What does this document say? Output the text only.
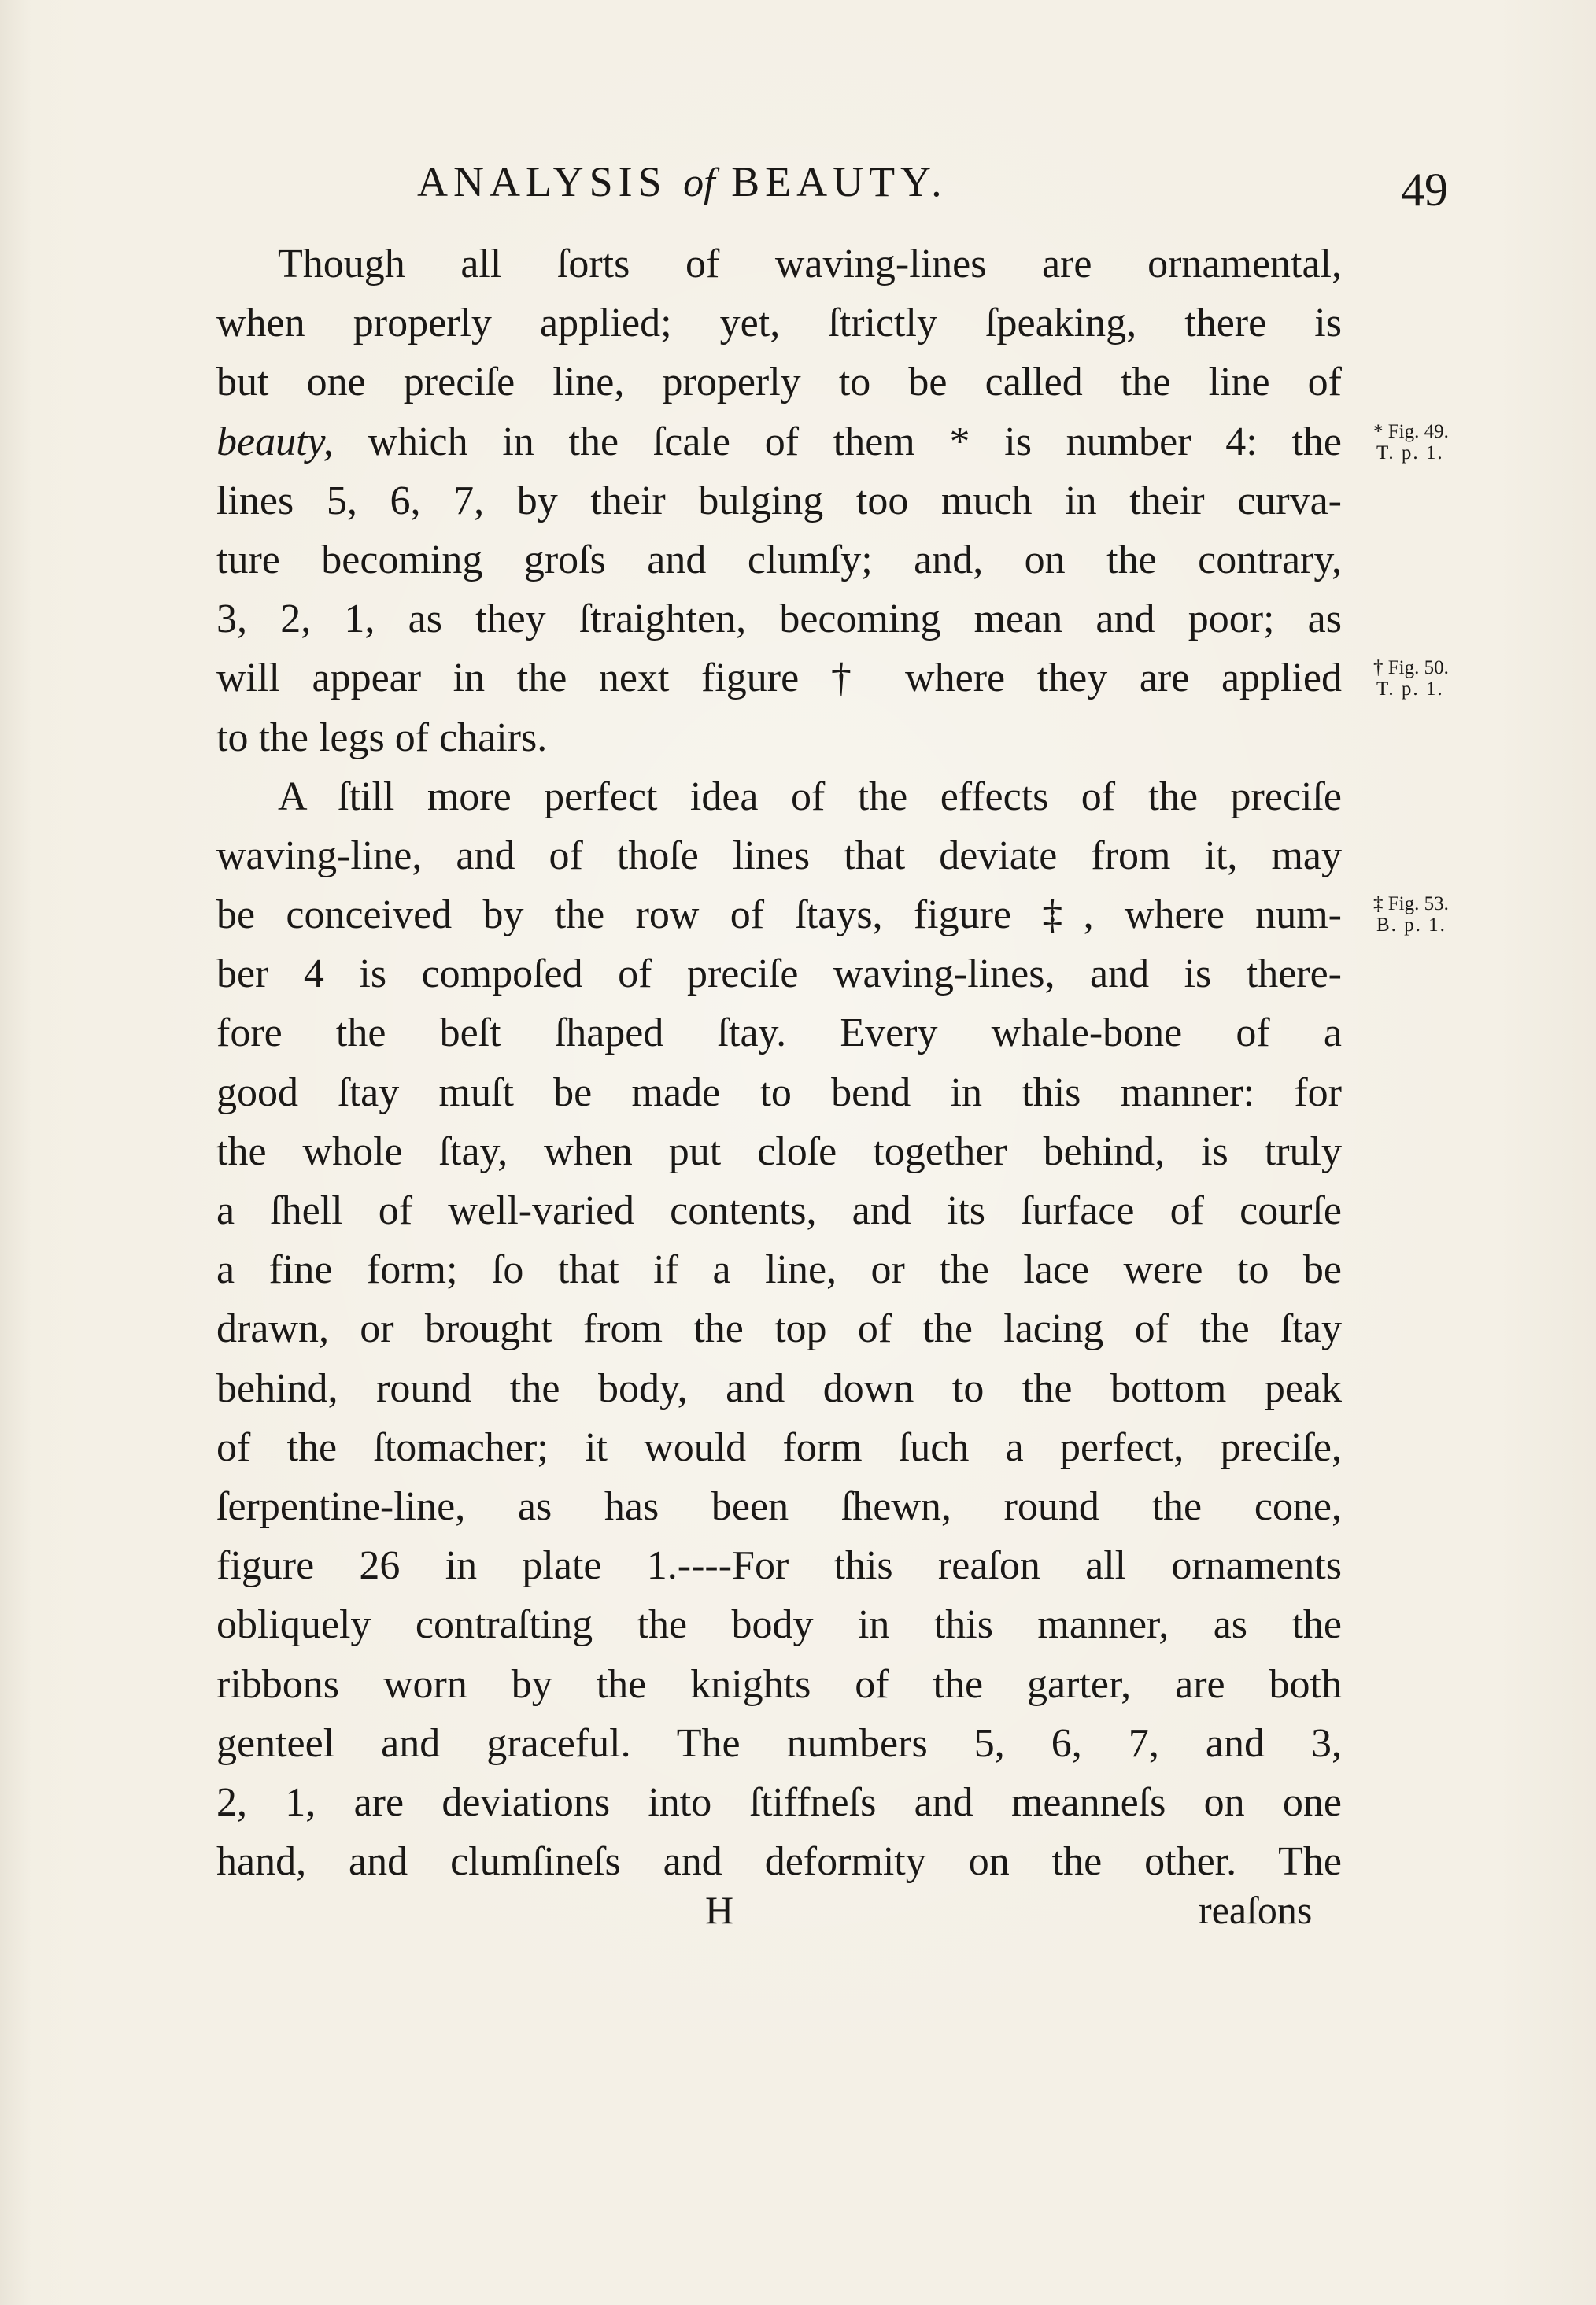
ANALYSIS of BEAUTY.	49
Though all ſorts of waving-lines are ornamental,
when properly applied; yet, ſtrictly ſpeaking, there is
but one preciſe line, properly to be called the line of
beauty, which in the ſcale of them * is number 4: the
lines 5, 6, 7, by their bulging too much in their curva-
ture becoming groſs and clumſy; and, on the contrary,
3, 2, 1, as they ſtraighten, becoming mean and poor; as
will appear in the next figure † where they are applied
to the legs of chairs.
A ſtill more perfect idea of the effects of the preciſe
waving-line, and of thoſe lines that deviate from it, may
be conceived by the row of ſtays, figure ‡, where num-
ber 4 is compoſed of preciſe waving-lines, and is there-
fore the beſt ſhaped ſtay. Every whale-bone of a
good ſtay muſt be made to bend in this manner: for
the whole ſtay, when put cloſe together behind, is truly
a ſhell of well-varied contents, and its ſurface of courſe
a fine form; ſo that if a line, or the lace were to be
drawn, or brought from the top of the lacing of the ſtay
behind, round the body, and down to the bottom peak
of the ſtomacher; it would form ſuch a perfect, preciſe,
ſerpentine-line, as has been ſhewn, round the cone,
figure 26 in plate 1.----For this reaſon all ornaments
obliquely contraſting the body in this manner, as the
ribbons worn by the knights of the garter, are both
genteel and graceful. The numbers 5, 6, 7, and 3,
2, 1, are deviations into ſtiffneſs and meanneſs on one
hand, and clumſineſs and deformity on the other. The
* Fig. 49.
T. p. 1.
† Fig. 50.
T. p. 1.
‡ Fig. 53.
B. p. 1.
H	reaſons
